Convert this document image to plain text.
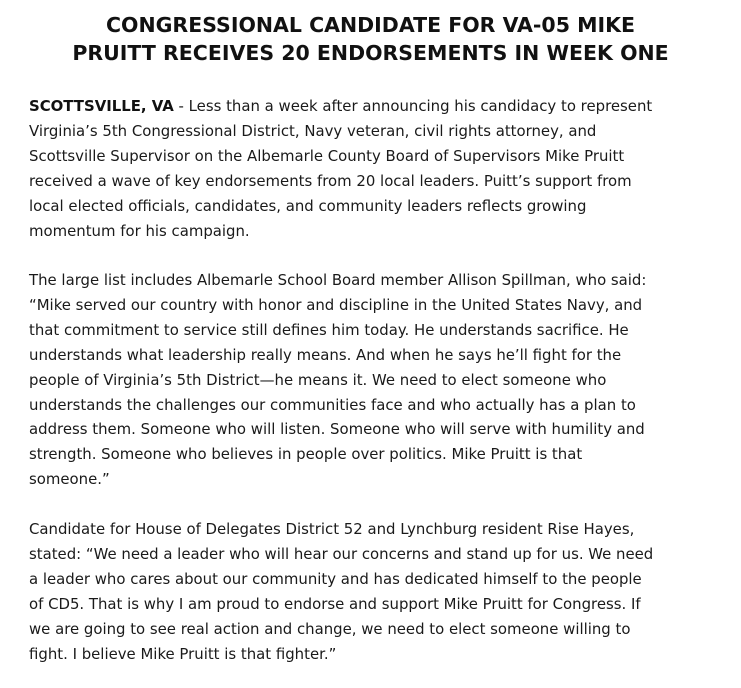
CONGRESSIONAL CANDIDATE FOR VA-05 MIKE
PRUITT RECEIVES 20 ENDORSEMENTS IN WEEK ONE

SCOTTSVILLE, VA - Less than a week after announcing his candidacy to represent
Virginia’s 5th Congressional District, Navy veteran, civil rights attorney, and
Scottsville Supervisor on the Albemarle County Board of Supervisors Mike Pruitt
received a wave of key endorsements from 20 local leaders. Puitt’s support from
local elected officials, candidates, and community leaders reflects growing
momentum for his campaign.

The large list includes Albemarle School Board member Allison Spillman, who said:
“Mike served our country with honor and discipline in the United States Navy, and
that commitment to service still defines him today. He understands sacrifice. He
understands what leadership really means. And when he says he’ll fight for the
people of Virginia’s 5th District—he means it. We need to elect someone who
understands the challenges our communities face and who actually has a plan to
address them. Someone who will listen. Someone who will serve with humility and
strength. Someone who believes in people over politics. Mike Pruitt is that
someone.”

Candidate for House of Delegates District 52 and Lynchburg resident Rise Hayes,
stated: “We need a leader who will hear our concerns and stand up for us. We need
a leader who cares about our community and has dedicated himself to the people
of CD5. That is why I am proud to endorse and support Mike Pruitt for Congress. If
we are going to see real action and change, we need to elect someone willing to
fight. I believe Mike Pruitt is that fighter.”
